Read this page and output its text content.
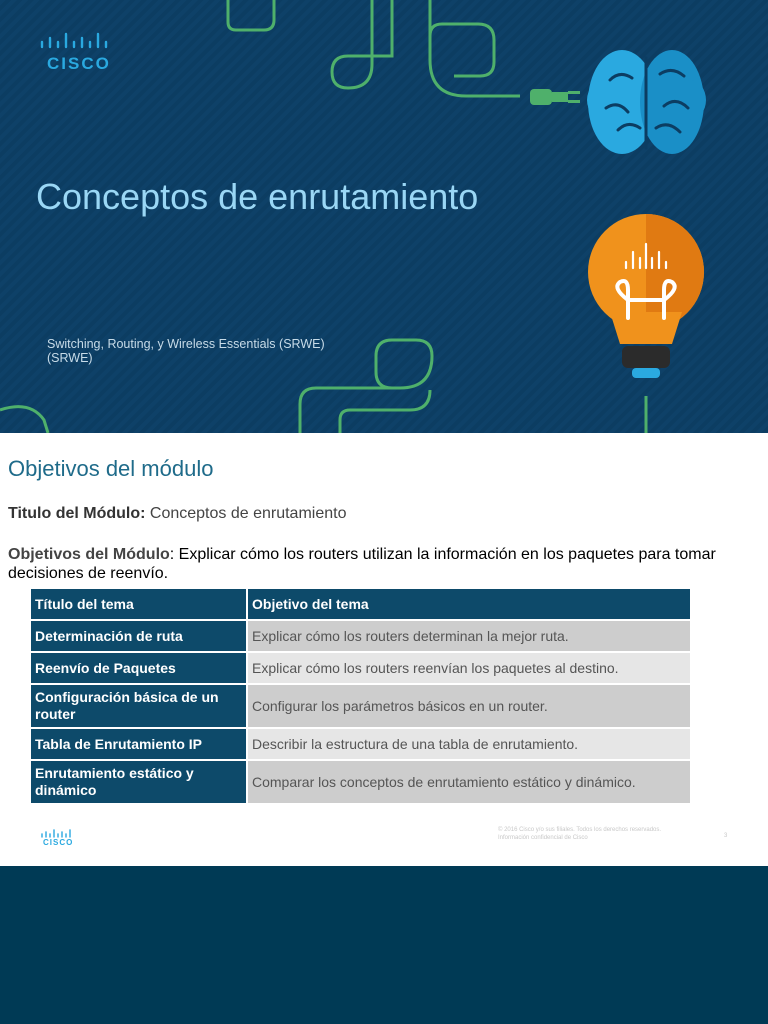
CISCO
Conceptos de enrutamiento
Switching, Routing, y Wireless Essentials (SRWE)
(SRWE)
Objetivos del módulo
Titulo del Módulo: Conceptos de enrutamiento
Objetivos del Módulo: Explicar cómo los routers utilizan la información en los paquetes para tomar decisiones de reenvío.
Título del tema	Objetivo del tema
Determinación de ruta	Explicar cómo los routers determinan la mejor ruta.
Reenvío de Paquetes	Explicar cómo los routers reenvían los paquetes al destino.
Configuración básica de un router	Configurar los parámetros básicos en un router.
Tabla de Enrutamiento IP	Describir la estructura de una tabla de enrutamiento.
Enrutamiento estático y dinámico	Comparar los conceptos de enrutamiento estático y dinámico.
CISCO
© 2016 Cisco y/o sus filiales. Todos los derechos reservados.
Información confidencial de Cisco	3
